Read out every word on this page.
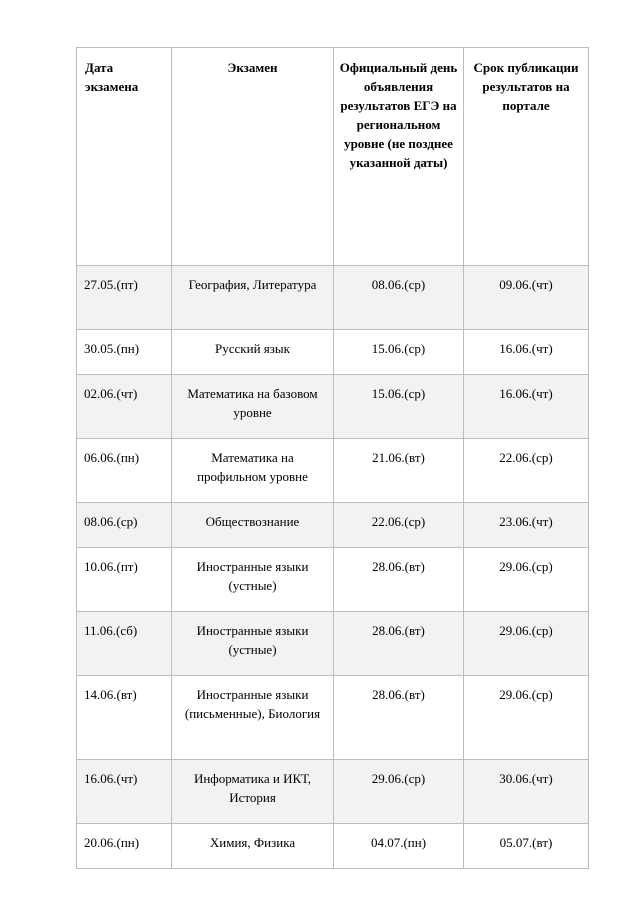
Дата экзамена	Экзамен	Официальный день объявления результатов ЕГЭ на региональном уровне (не позднее указанной даты)	Срок публикации результатов на портале
27.05.(пт)	География, Литература	08.06.(ср)	09.06.(чт)
30.05.(пн)	Русский язык	15.06.(ср)	16.06.(чт)
02.06.(чт)	Математика на базовом уровне	15.06.(ср)	16.06.(чт)
06.06.(пн)	Математика на профильном уровне	21.06.(вт)	22.06.(ср)
08.06.(ср)	Обществознание	22.06.(ср)	23.06.(чт)
10.06.(пт)	Иностранные языки (устные)	28.06.(вт)	29.06.(ср)
11.06.(сб)	Иностранные языки (устные)	28.06.(вт)	29.06.(ср)
14.06.(вт)	Иностранные языки (письменные), Биология	28.06.(вт)	29.06.(ср)
16.06.(чт)	Информатика и ИКТ, История	29.06.(ср)	30.06.(чт)
20.06.(пн)	Химия, Физика	04.07.(пн)	05.07.(вт)
